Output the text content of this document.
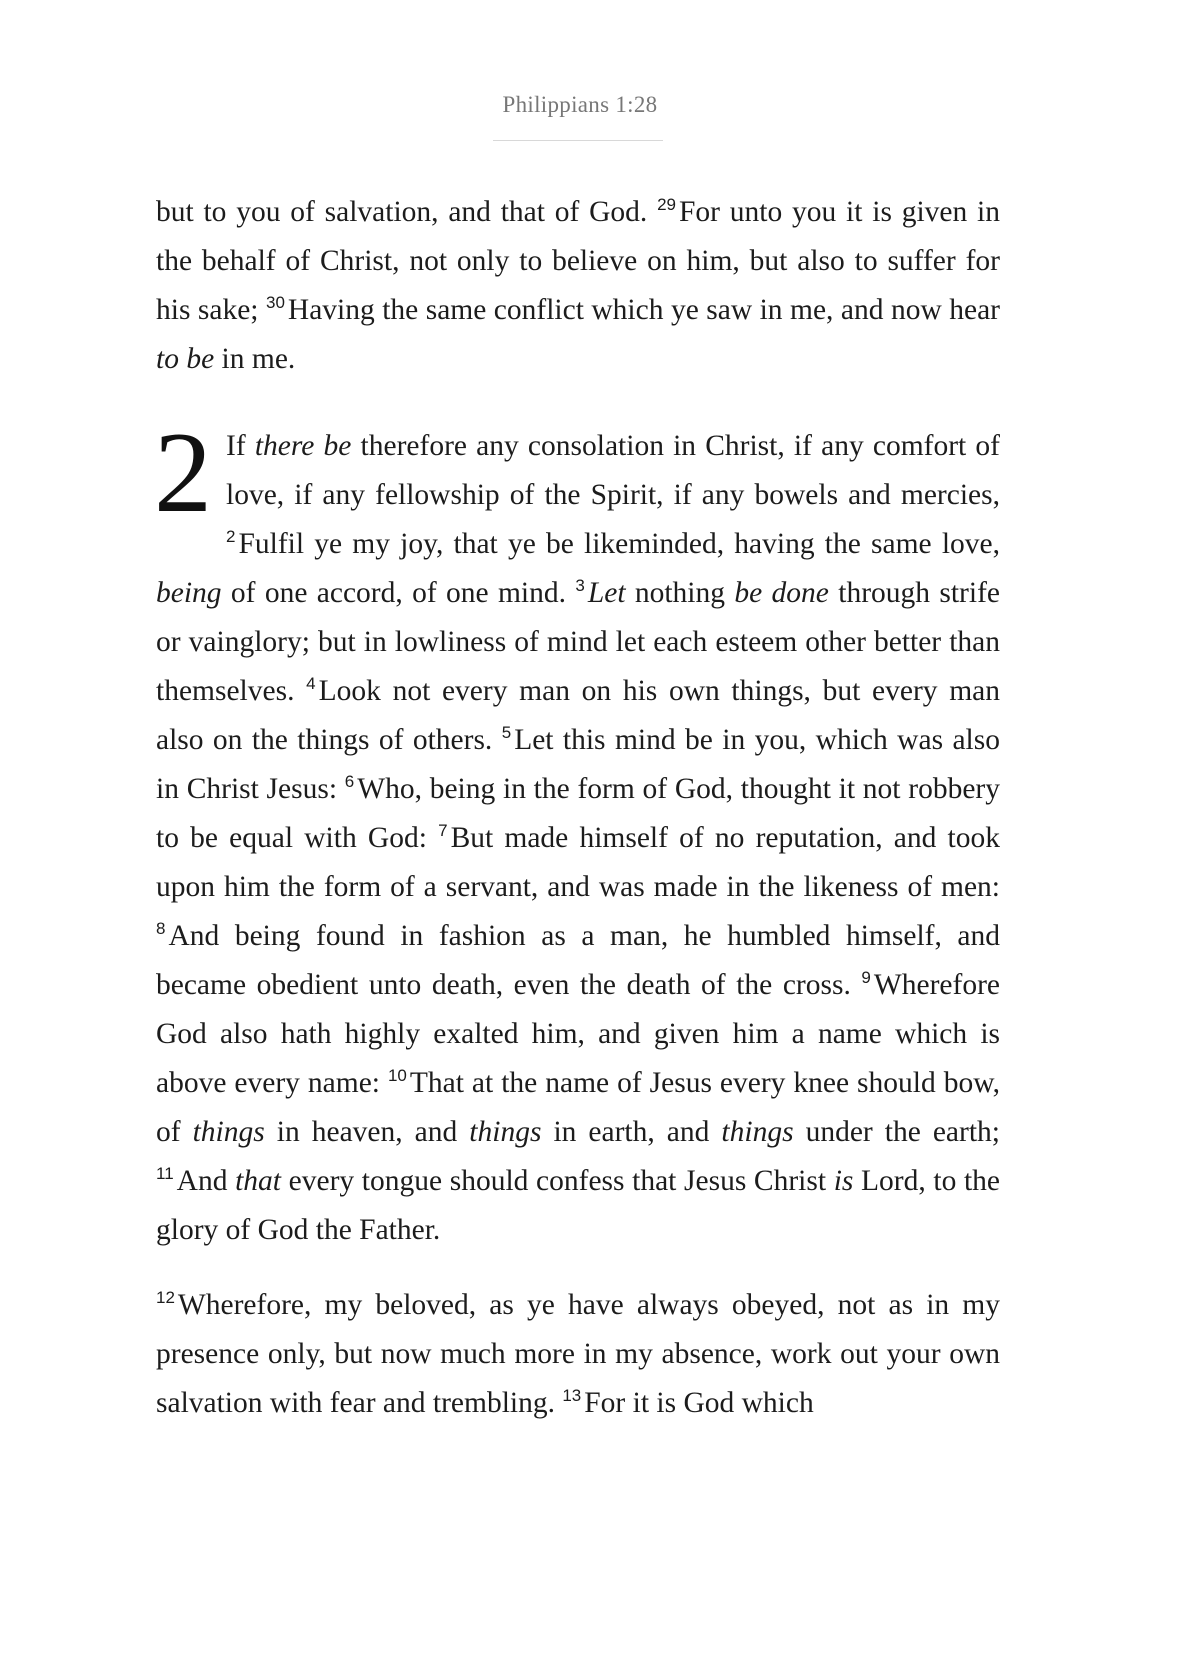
Philippians 1:28

but to you of salvation, and that of God. $^{29}$ For unto you it is given in the behalf of Christ, not only to believe on him, but also to suffer for his sake; $^{30}$ Having the same conflict which ye saw in me, and now hear to be in me.

2 If there be therefore any consolation in Christ, if any comfort of love, if any fellowship of the Spirit, if any bowels and mercies, $^2$ Fulfil ye my joy, that ye be likeminded, having the same love, being of one accord, of one mind. $^3$ Let nothing be done through strife or vainglory; but in lowliness of mind let each esteem other better than themselves. $^4$ Look not every man on his own things, but every man also on the things of others. $^5$ Let this mind be in you, which was also in Christ Jesus: $^6$ Who, being in the form of God, thought it not robbery to be equal with God: $^7$ But made himself of no reputation, and took upon him the form of a servant, and was made in the likeness of men: $^8$ And being found in fashion as a man, he humbled himself, and became obedient unto death, even the death of the cross. $^9$ Wherefore God also hath highly exalted him, and given him a name which is above every name: $^{10}$ That at the name of Jesus every knee should bow, of things in heaven, and things in earth, and things under the earth; $^{11}$ And that every tongue should confess that Jesus Christ is Lord, to the glory of God the Father.

$^{12}$ Wherefore, my beloved, as ye have always obeyed, not as in my presence only, but now much more in my absence, work out your own salvation with fear and trembling. $^{13}$ For it is God which
